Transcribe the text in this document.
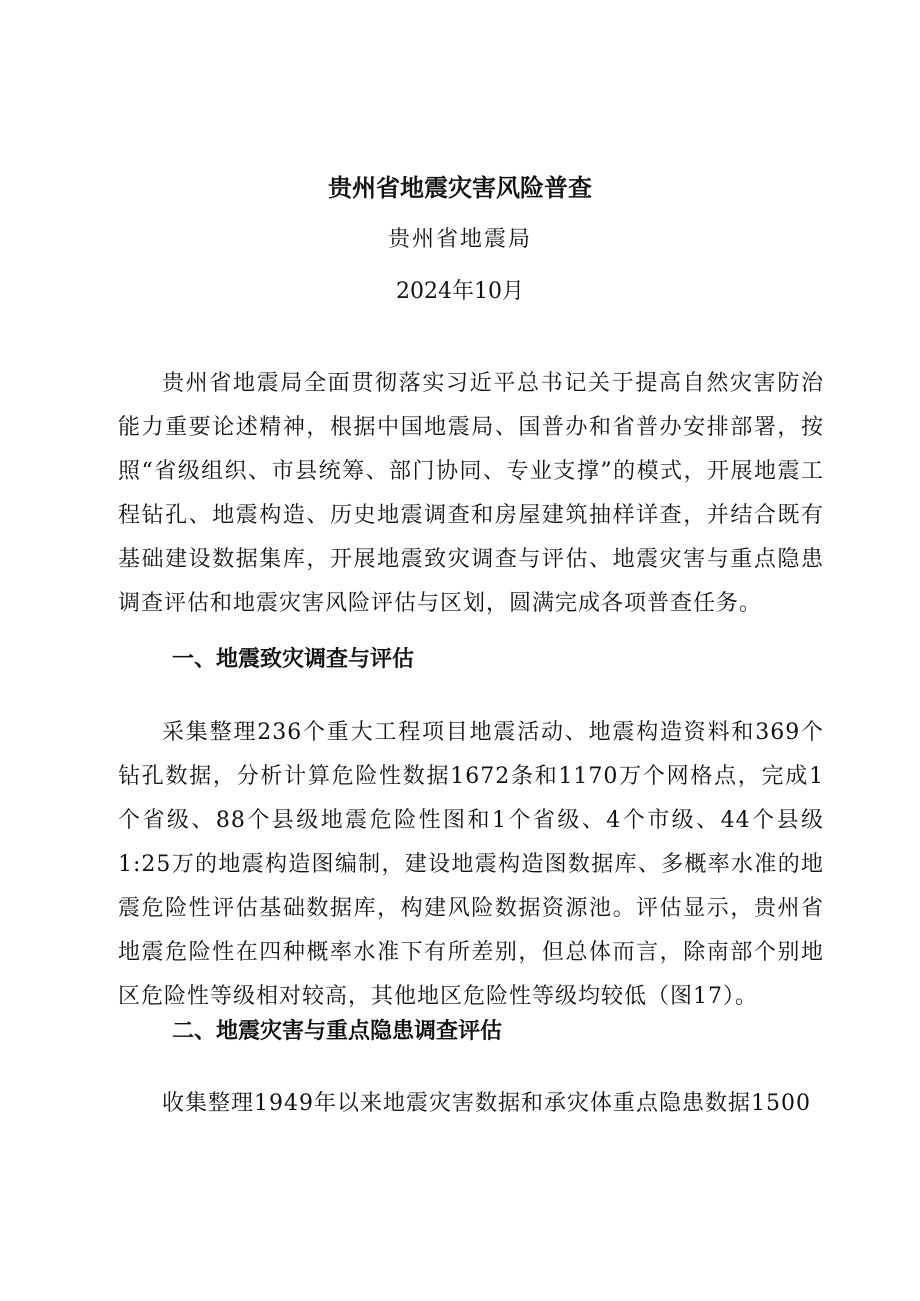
贵州省地震灾害风险普查
贵州省地震局
2024年10月
贵州省地震局全面贯彻落实习近平总书记关于提高自然灾害防治能力重要论述精神，根据中国地震局、国普办和省普办安排部署，按照“省级组织、市县统筹、部门协同、专业支撑”的模式，开展地震工程钻孔、地震构造、历史地震调查和房屋建筑抽样详查，并结合既有基础建设数据集库，开展地震致灾调查与评估、地震灾害与重点隐患调查评估和地震灾害风险评估与区划，圆满完成各项普查任务。
一、地震致灾调查与评估
采集整理236个重大工程项目地震活动、地震构造资料和369个钻孔数据，分析计算危险性数据1672条和1170万个网格点，完成1个省级、88个县级地震危险性图和1个省级、4个市级、44个县级1:25万的地震构造图编制，建设地震构造图数据库、多概率水准的地震危险性评估基础数据库，构建风险数据资源池。评估显示，贵州省地震危险性在四种概率水准下有所差别，但总体而言，除南部个别地区危险性等级相对较高，其他地区危险性等级均较低（图17）。
二、地震灾害与重点隐患调查评估
收集整理1949年以来地震灾害数据和承灾体重点隐患数据1500
